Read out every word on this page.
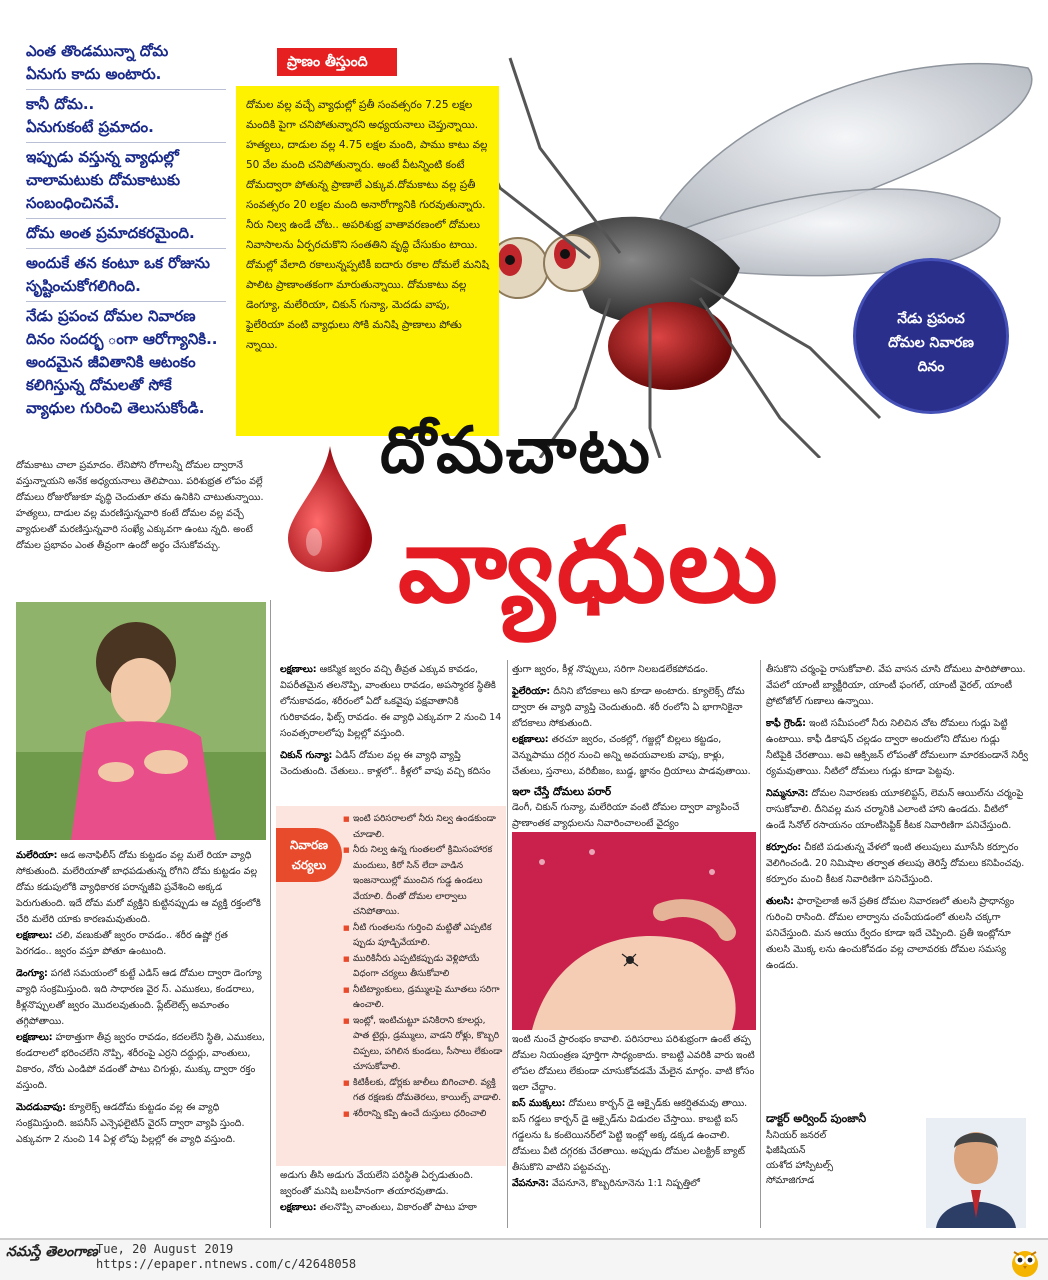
ఎంత తొండమున్నా దోమ
ఏనుగు కాదు అంటారు.
కానీ దోమ..
ఏనుగుకంటే ప్రమాదం.
ఇప్పుడు వస్తున్న వ్యాధుల్లో
చాలామటుకు దోమకాటుకు
సంబంధించినవే.
దోమ అంత ప్రమాదకరమైంది.
అందుకే తన కంటూ ఒక రోజును
సృష్టించుకోగలిగింది.
నేడు ప్రపంచ దోమల నివారణ
దినం సందర్భ ంగా ఆరోగ్యానికి..
అందమైన జీవితానికి ఆటంకం
కలిగిస్తున్న దోమలతో సోకే
వ్యాధుల గురించి తెలుసుకోండి.
ప్రాణం తీస్తుంది
దోమల వల్ల వచ్చే వ్యాధుల్లో ప్రతీ సంవత్సరం 7.25 లక్షల మందికి పైగా చనిపోతున్నారని అధ్యయనాలు చెప్తున్నాయి. హత్యలు, దాడుల వల్ల 4.75 లక్షల మంది, పాము కాటు వల్ల 50 వేల మంది చనిపోతున్నారు. అంటే వీటన్నింటి కంటే దోమద్వారా పోతున్న ప్రాణాలే ఎక్కువ.దోమకాటు వల్ల ప్రతీ సంవత్సరం 20 లక్షల మంది అనారోగ్యానికి గురవుతున్నారు. నీరు నిల్వ ఉండే చోట.. అపరిశుభ్ర వాతావరణంలో దోమలు నివాసాలను ఏర్పరచుకొని సంతతిని వృద్ధి చేసుకుం టాయి. దోమల్లో వేలాది రకాలున్నప్పటికీ ఐదారు రకాల దోమలే మనిషి పాలిట ప్రాణాంతకంగా మారుతున్నాయి. దోమకాటు వల్ల డెంగ్యూ, మలేరియా, చికున్ గున్యా, మెదడు వాపు, ఫైలేరియా వంటి వ్యాధులు సోకి మనిషి ప్రాణాలు పోతు న్నాయి.
నేడు ప్రపంచ
దోమల నివారణ
దినం
దోమచాటు
వ్యాధులు
దోమకాటు చాలా ప్రమాదం. లేనిపోని రోగాలన్నీ దోమల ద్వారానే వస్తున్నాయని అనేక అధ్యయనాలు తెలిపాయి. పరిశుభ్రత లోపం వల్లే దోమలు రోజురోజుకూ వృద్ధి చెందుతూ తమ ఉనికిని చాటుతున్నాయి. హత్యలు, దాడుల వల్ల మరణిస్తున్నవారి కంటే దోమల వల్ల వచ్చే వ్యాధులతో మరణిస్తున్నవారి సంఖ్యే ఎక్కువగా ఉంటు న్నది. అంటే దోమల ప్రభావం ఎంత తీవ్రంగా ఉందో అర్థం చేసుకోవచ్చు.

మలేరియా: ఆడ అనాఫిలీస్ దోమ కుట్టడం వల్ల మలే రియా వ్యాధి సోకుతుంది. మలేరియాతో బాధపడుతున్న రోగిని దోమ కుట్టడం వల్ల దోమ కడుపులోకి వ్యాధికారక పరాన్నజీవి ప్రవేశించి అక్కడ పెరుగుతుంది. ఇదే దోమ మరో వ్యక్తిని కుట్టినప్పుడు ఆ వ్యక్తి రక్తంలోకి చేరి మలేరి యాకు కారణమవుతుంది.

లక్షణాలు: చలి, వణుకుతో జ్వరం రావడం.. శరీర ఉష్ణో గ్రత పెరగడం.. జ్వరం వస్తూ పోతూ ఉంటుంది.

డెంగ్యూ: పగటి సమయంలో కుట్టే ఎడిస్ ఆడ దోమల ద్వారా డెంగ్యూ వ్యాధి సంక్రమిస్తుంది. ఇది సాధారణ వైర స్. ఎముకలు, కండరాలు, కీళ్లనొప్పులతో జ్వరం మొదలవుతుంది. ప్లేట్‌లెట్స్ అమాంతం తగ్గిపోతాయి.

లక్షణాలు: హఠాత్తుగా తీవ్ర జ్వరం రావడం, కదలలేని స్థితి, ఎముకలు, కండరాలలో భరించలేని నొప్పి, శరీరంపై ఎర్రని దద్దుర్లు, వాంతులు, వికారం, నోరు ఎండిపో వడంతో పాటు చిగుళ్లు, ముక్కు ద్వారా రక్తం వస్తుంది.

మెదడువాపు: క్యూలెక్స్ ఆడదోమ కుట్టడం వల్ల ఈ వ్యాధి సంక్రమిస్తుంది. జపనీస్ ఎన్సెఫలైటిస్ వైరస్ ద్వారా వ్యాపి స్తుంది. ఎక్కువగా 2 నుంచి 14 ఏళ్ల లోపు పిల్లల్లో ఈ వ్యాధి వస్తుంది.

లక్షణాలు: ఆకస్మిక జ్వరం వచ్చి తీవ్రత ఎక్కువ కావడం, విపరీతమైన తలనొప్పి, వాంతులు రావడం, అపస్మారక స్థితికి లోనుకావడం, శరీరంలో ఏదో ఒకవైపు పక్షవాతానికి గురికావడం, ఫిట్స్ రావడం. ఈ వ్యాధి ఎక్కువగా 2 నుంచి 14 సంవత్సరాలలోపు పిల్లల్లో వస్తుంది.

చికున్ గున్యా: ఏడిస్ దోమల వల్ల ఈ వ్యాధి వ్యాప్తి చెందుతుంది. చేతులు.. కాళ్లలో.. కీళ్లలో వాపు వచ్చి కదిసం

నివారణ
చర్యలు
■ ఇంటి పరిసరాలలో నీరు నిల్వ ఉండకుండా చూడాలి.
■ నీరు నిల్వ ఉన్న గుంతలలో క్రిమిసంహారక మందులు, కిరో సిన్ లేదా వాడిన ఇంజనాయిల్లో ముంచిన గుడ్డ ఉండలు వేయాలి. దీంతో దోమల లార్వాలు చనిపోతాయి.
■ నీటి గుంతలను గుర్తించి మట్టితో ఎప్పటిక ప్పుడు పూడ్చివేయాలి.
■ మురికినీరు ఎప్పటికప్పుడు వెళ్లిపోయే విధంగా చర్యలు తీసుకోవాలి
■ నీటిట్యాంకులు, డ్రమ్ములపై మూతలు సరిగా ఉంచాలి.
■ ఇంట్లో, ఇంటిచుట్టూ పనికిరాని కూలర్లు, పాత టైర్లు, డ్రమ్ములు, వాడని రోళ్లు, కొబ్బరి చిప్పలు, పగిలిన కుండలు, సీసాలు లేకుండా చూసుకోవాలి.
■ కిటికీలకు, డోర్లకు జాలీలు బిగించాలి. వ్యక్తి గత రక్షణకు దోమతెరలు, కాయిల్స్ వాడాలి.
■ శరీరాన్ని కప్పి ఉంచే దుస్తులు ధరించాలి

అడుగు తీసి అడుగు వేయలేని పరిస్థితి ఏర్పడుతుంది. జ్వరంతో మనిషి బలహీనంగా తయారవుతాడు.

లక్షణాలు: తలనొప్పి వాంతులు, వికారంతో పాటు హఠా

త్తుగా జ్వరం, కీళ్ల నొప్పులు, సరిగా నిలబడలేకపోవడం.

ఫైలేరియా: దీనిని బోదకాలు అని కూడా అంటారు. క్యూలెక్స్ దోమ ద్వారా ఈ వ్యాధి వ్యాప్తి చెందుతుంది. శరీ రంలోని ఏ భాగానికైనా బోదకాలు సోకుతుంది.

లక్షణాలు: తరచూ జ్వరం, చంకల్లో, గజ్జల్లో బిల్లలు కట్టడం, వెన్నుపాము దగ్గిర నుంచి అన్ని అవయవాలకు వాపు, కాళ్లు, చేతులు, స్తనాలు, వరిబీజం, బుడ్డ, జ్ఞానం ద్రియాలు పాడవుతాయి.

ఇలా చేస్తే దోమలు పరార్

డెంగీ, చికున్ గున్యా, మలేరియా వంటి దోమల ద్వారా వ్యాపించే ప్రాణాంతక వ్యాధులను నివారించాలంటే వైద్యం

ఇంటి నుంచే ప్రారంభం కావాలి. పరిసరాలు పరిశుభ్రంగా ఉంటే తప్ప దోమల నియంత్రణ పూర్తిగా సాధ్యంకాదు. కాబట్టి ఎవరికి వారు ఇంటి లోపల దోమలు లేకుండా చూసుకోవడమే మేలైన మార్గం. వాటి కోసం ఇలా చేద్దాం.

ఐస్ ముక్కలు: దోమలు కార్బన్ డై ఆక్సైడ్‌కు ఆకర్షితమవు తాయి. ఐస్ గడ్డలు కార్బన్ డై ఆక్సైడ్‌ను విడుదల చేస్తాయి. కాబట్టి ఐస్ గడ్డలను ఓ కంటెయినర్‌లో పెట్టి ఇంట్లో అక్క డక్కడ ఉంచాలి. దోమలు వీటి దగ్గరకు చేరతాయి. అప్పుడు దోమల ఎలక్ట్రిక్ బ్యాట్ తీసుకొని వాటిని పట్టవచ్చు.

వేపనూనె: వేపనూనె, కొబ్బరినూనెను 1:1 నిష్పత్తిలో

తీసుకొని చర్మంపై రాసుకోవాలి. వేప వాసన చూసి దోమలు పారిపోతాయి. వేపలో యాంటీ బ్యాక్టీరియా, యాంటీ ఫంగల్, యాంటీ వైరల్, యాంటీ ప్రోటోజోల్ గుణాలు ఉన్నాయి.

కాఫీ గ్రౌండ్: ఇంటి సమీపంలో నీరు నిలిచిన చోట దోమలు గుడ్లు పెట్టి ఉంటాయి. కాఫీ డికాషన్ చల్లడం ద్వారా అందులోని దోమల గుడ్లు నీటిపైకి చేరతాయి. అవి ఆక్సిజన్ లోపంతో దోమలుగా మారకుండానే నిర్వీ ర్యమవుతాయి. నీటిలో దోమలు గుడ్లు కూడా పెట్టవు.

నిమ్మనూనె: దోమల నివారణకు యూకలిప్టస్, లెమన్ ఆయిల్‌ను చర్మంపై రాసుకోవాలి. దీనివల్ల మన చర్మానికి ఎలాంటి హాని ఉండదు. వీటిలో ఉండే సినోల్ రసాయనం యాంటీసెప్టిక్ కీటక నివారిణిగా పనిచేస్తుంది.

కర్పూరం: చీకటి పడుతున్న వేళలో ఇంటి తలుపులు మూసేసి కర్పూరం వెలిగించండి. 20 నిమిషాల తర్వాత తలుపు తెరిస్తే దోమలు కనిపించవు. కర్పూరం మంచి కీటక నివారిణిగా పనిచేస్తుంది.

తులసి: ఫారాసైలాజీ అనే ప్రతిక దోమల నివారణలో తులసి ప్రాధాన్యం గురించి రాసింది. దోమల లార్వాను చంపేయడంలో తులసి చక్కగా పనిచేస్తుంది. మన ఆయు ర్వేదం కూడా ఇదే చెప్పింది. ప్రతీ ఇంట్లోనూ తులసి మొక్క లను ఉంచుకోవడం వల్ల చాలావరకు దోమల సమస్య ఉండదు.

డాక్టర్ అర్వింద్ పుంజానీ
సీనియర్ జనరల్
ఫిజీషియన్
యశోద హాస్పిటల్స్
సోమాజిగూడ
నమస్తే తెలంగాణ
Tue, 20 August 2019
https://epaper.ntnews.com/c/42648058
